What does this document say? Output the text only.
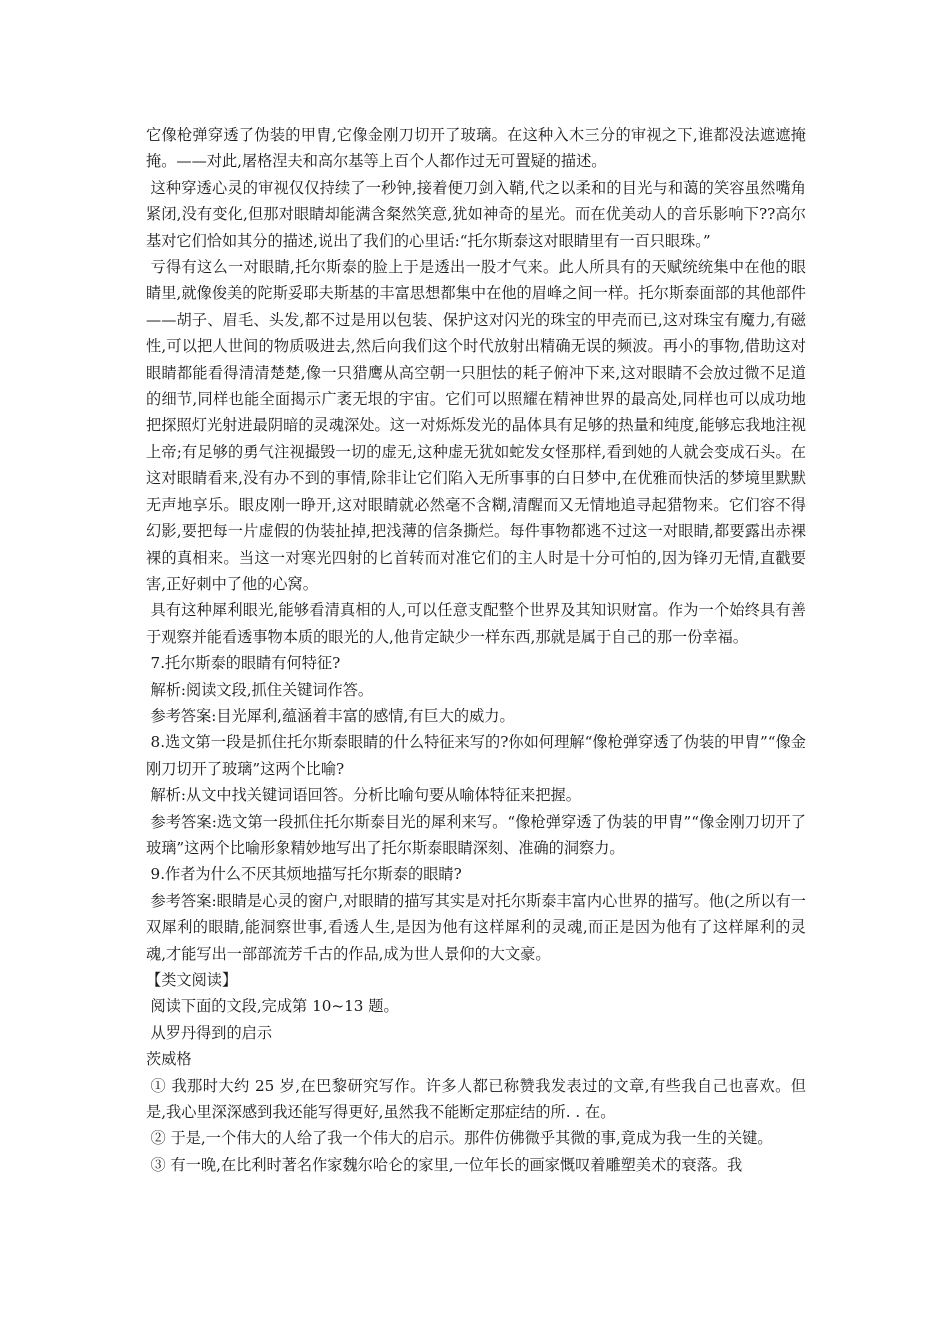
它像枪弹穿透了伪装的甲胄,它像金刚刀切开了玻璃。在这种入木三分的审视之下,谁都没法遮遮掩掩。——对此,屠格涅夫和高尔基等上百个人都作过无可置疑的描述。

这种穿透心灵的审视仅仅持续了一秒钟,接着便刀剑入鞘,代之以柔和的目光与和蔼的笑容虽然嘴角紧闭,没有变化,但那对眼睛却能满含粲然笑意,犹如神奇的星光。而在优美动人的音乐影响下??高尔基对它们恰如其分的描述,说出了我们的心里话:“托尔斯泰这对眼睛里有一百只眼珠。”

亏得有这么一对眼睛,托尔斯泰的脸上于是透出一股才气来。此人所具有的天赋统统集中在他的眼睛里,就像俊美的陀斯妥耶夫斯基的丰富思想都集中在他的眉峰之间一样。托尔斯泰面部的其他部件——胡子、眉毛、头发,都不过是用以包装、保护这对闪光的珠宝的甲壳而已,这对珠宝有魔力,有磁性,可以把人世间的物质吸进去,然后向我们这个时代放射出精确无误的频波。再小的事物,借助这对眼睛都能看得清清楚楚,像一只猎鹰从高空朝一只胆怯的耗子俯冲下来,这对眼睛不会放过微不足道的细节,同样也能全面揭示广袤无垠的宇宙。它们可以照耀在精神世界的最高处,同样也可以成功地把探照灯光射进最阴暗的灵魂深处。这一对烁烁发光的晶体具有足够的热量和纯度,能够忘我地注视上帝;有足够的勇气注视撮毁一切的虚无,这种虚无犹如蛇发女怪那样,看到她的人就会变成石头。在这对眼睛看来,没有办不到的事情,除非让它们陷入无所事事的白日梦中,在优雅而快活的梦境里默默无声地享乐。眼皮刚一睁开,这对眼睛就必然毫不含糊,清醒而又无情地追寻起猎物来。它们容不得幻影,要把每一片虚假的伪装扯掉,把浅薄的信条撕烂。每件事物都逃不过这一对眼睛,都要露出赤裸裸的真相来。当这一对寒光四射的匕首转而对准它们的主人时是十分可怕的,因为锋刃无情,直戳要害,正好刺中了他的心窝。

具有这种犀利眼光,能够看清真相的人,可以任意支配整个世界及其知识财富。作为一个始终具有善于观察并能看透事物本质的眼光的人,他肯定缺少一样东西,那就是属于自己的那一份幸福。

7.托尔斯泰的眼睛有何特征?

解析:阅读文段,抓住关键词作答。

参考答案:目光犀利,蕴涵着丰富的感情,有巨大的威力。

8.选文第一段是抓住托尔斯泰眼睛的什么特征来写的?你如何理解“像枪弹穿透了伪装的甲胄”“像金刚刀切开了玻璃”这两个比喻?

解析:从文中找关键词语回答。分析比喻句要从喻体特征来把握。

参考答案:选文第一段抓住托尔斯泰目光的犀利来写。“像枪弹穿透了伪装的甲胄”“像金刚刀切开了玻璃”这两个比喻形象精妙地写出了托尔斯泰眼睛深刻、准确的洞察力。

9.作者为什么不厌其烦地描写托尔斯泰的眼睛?

参考答案:眼睛是心灵的窗户,对眼睛的描写其实是对托尔斯泰丰富内心世界的描写。他(之所以有一双犀利的眼睛,能洞察世事,看透人生,是因为他有这样犀利的灵魂,而正是因为他有了这样犀利的灵魂,才能写出一部部流芳千古的作品,成为世人景仰的大文豪。

【类文阅读】

阅读下面的文段,完成第 10~13 题。

从罗丹得到的启示

茨威格

① 我那时大约 25 岁,在巴黎研究写作。许多人都已称赞我发表过的文章,有些我自己也喜欢。但是,我心里深深感到我还能写得更好,虽然我不能断定那症结的所. . 在。

② 于是,一个伟大的人给了我一个伟大的启示。那件仿佛微乎其微的事,竟成为我一生的关键。

③ 有一晚,在比利时著名作家魏尔哈仑的家里,一位年长的画家慨叹着雕塑美术的衰落。我
